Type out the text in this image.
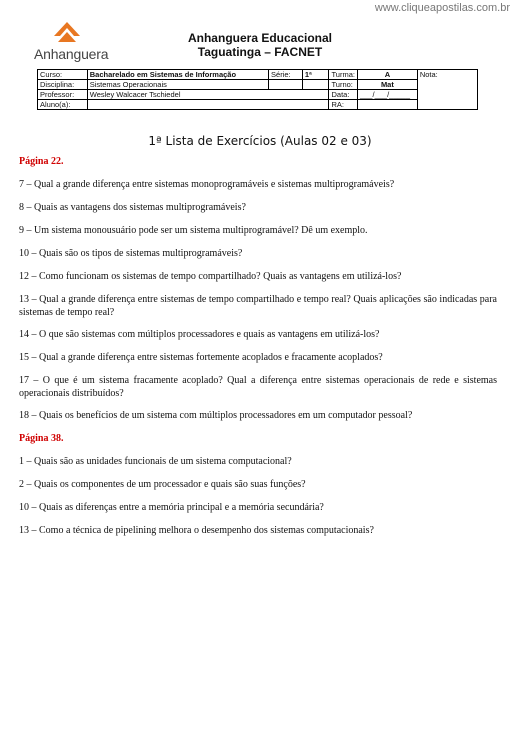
www.cliqueapostilas.com.br
Anhanguera
Anhanguera Educacional
Taguatinga – FACNET
Curso:	Bacharelado em Sistemas de Informação	Série:	1ª	Turma:	A	Nota:
Disciplina:	Sistemas Operacionais			Turno:	Mat	
Professor:	Wesley Walcacer Tschiedel			Data:	___/___/_____	
Aluno(a):				RA:		
1ª Lista de Exercícios (Aulas 02 e 03)
Página 22.
7 – Qual a grande diferença entre sistemas monoprogramáveis e sistemas multiprogramáveis?
8 – Quais as vantagens dos sistemas multiprogramáveis?
9 – Um sistema monousuário pode ser um sistema multiprogramável? Dê um exemplo.
10 – Quais são os tipos de sistemas multiprogramáveis?
12 – Como funcionam os sistemas de tempo compartilhado? Quais as vantagens em utilizá-los?
13 – Qual a grande diferença entre sistemas de tempo compartilhado e tempo real? Quais aplicações são indicadas para sistemas de tempo real?
14 – O que são sistemas com múltiplos processadores e quais as vantagens em utilizá-los?
15 – Qual a grande diferença entre sistemas fortemente acoplados e fracamente acoplados?
17 – O que é um sistema fracamente acoplado? Qual a diferença entre sistemas operacionais de rede e sistemas operacionais distribuídos?
18 – Quais os benefícios de um sistema com múltiplos processadores em um computador pessoal?
Página 38.
1 – Quais são as unidades funcionais de um sistema computacional?
2 – Quais os componentes de um processador e quais são suas funções?
10 – Quais as diferenças entre a memória principal e a memória secundária?
13 – Como a técnica de pipelining melhora o desempenho dos sistemas computacionais?
